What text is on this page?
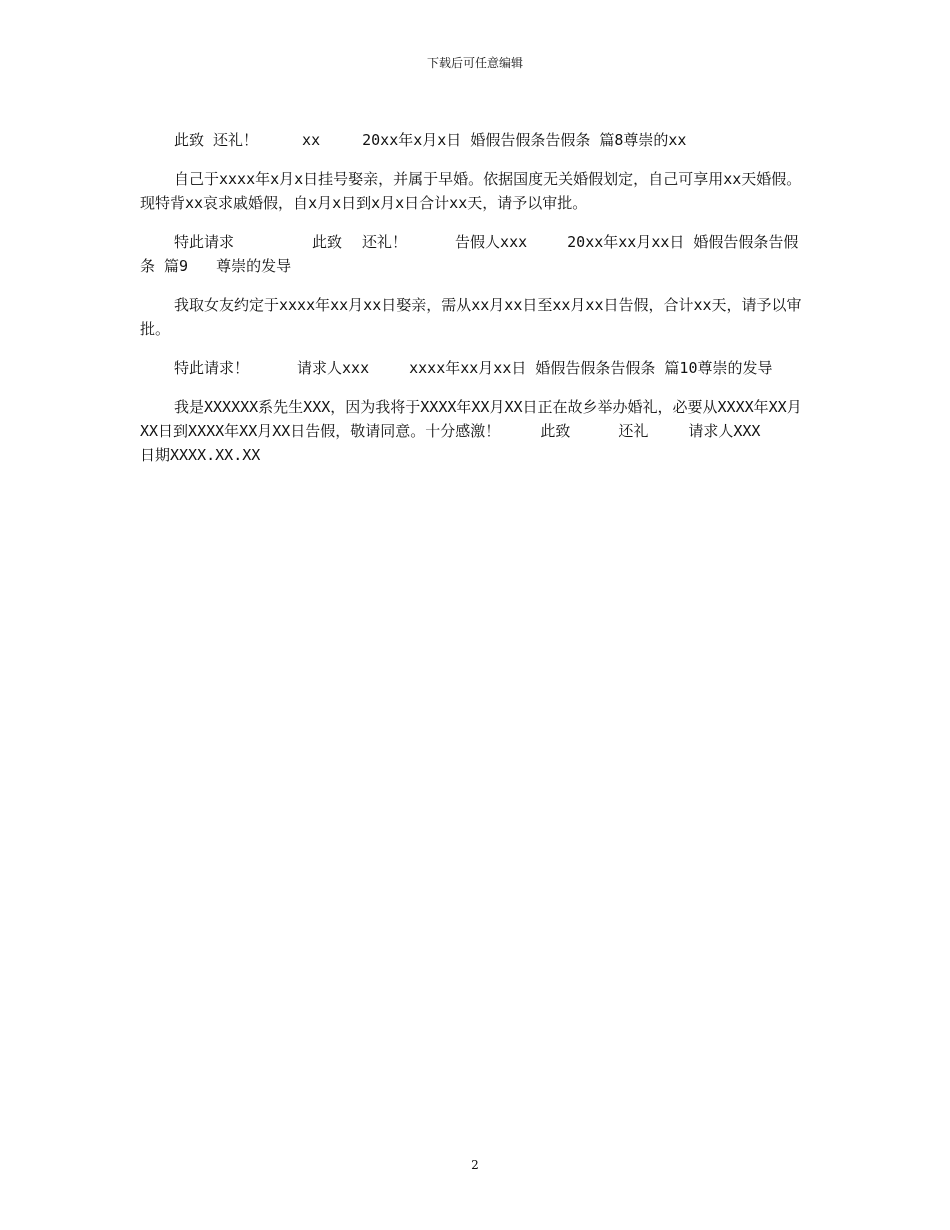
下载后可任意编辑

此致 还礼！	xx	20xx年x月x日 婚假告假条告假条 篇8尊崇的xx

自己于xxxx年x月x日挂号娶亲，并属于早婚。依据国度无关婚假划定，自己可享用xx天婚假。现特背xx哀求戚婚假，自x月x日到x月x日合计xx天，请予以审批。

特此请求	此致 还礼！	告假人xxx	20xx年xx月xx日 婚假告假条告假条 篇9 尊崇的发导

我取女友约定于xxxx年xx月xx日娶亲，需从xx月xx日至xx月xx日告假，合计xx天，请予以审批。

特此请求！	请求人xxx	xxxx年xx月xx日 婚假告假条告假条 篇10尊崇的发导

我是XXXXXX系先生XXX，因为我将于XXXX年XX月XX日正在故乡举办婚礼，必要从XXXX年XX月XX日到XXXX年XX月XX日告假，敬请同意。十分感激！	此致	还礼	请求人XXX日期XXXX.XX.XX

2
